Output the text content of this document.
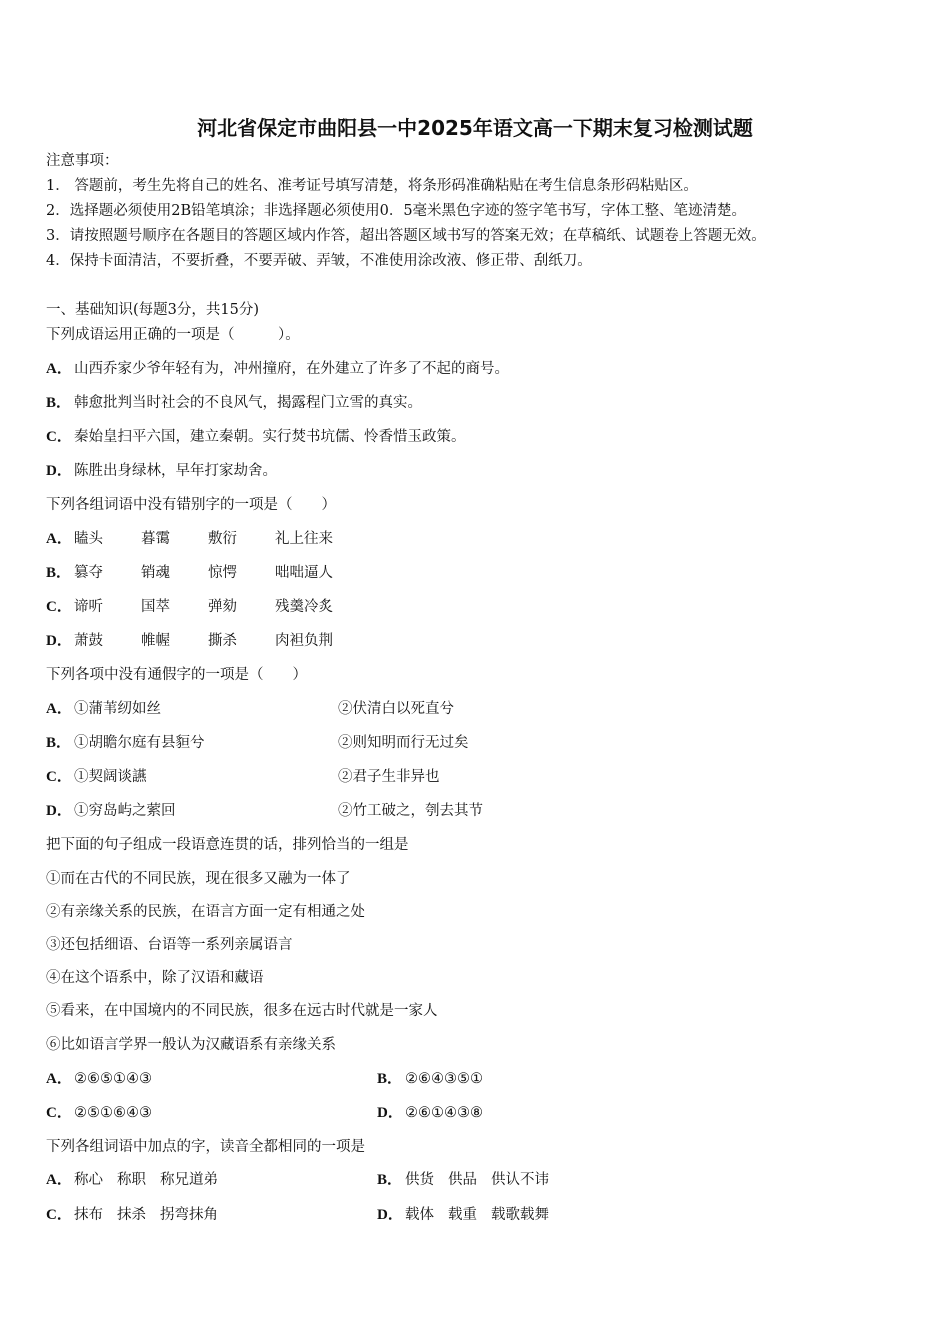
河北省保定市曲阳县一中2025年语文高一下期末复习检测试题
注意事项：
1． 答题前，考生先将自己的姓名、准考证号填写清楚，将条形码准确粘贴在考生信息条形码粘贴区。
2．选择题必须使用2B铅笔填涂；非选择题必须使用0．5毫米黑色字迹的签字笔书写，字体工整、笔迹清楚。
3．请按照题号顺序在各题目的答题区域内作答，超出答题区域书写的答案无效；在草稿纸、试题卷上答题无效。
4．保持卡面清洁，不要折叠，不要弄破、弄皱，不准使用涂改液、修正带、刮纸刀。
一、基础知识(每题3分，共15分)
下列成语运用正确的一项是（　　　）。
A． 山西乔家少爷年轻有为，冲州撞府，在外建立了许多了不起的商号。
B． 韩愈批判当时社会的不良风气，揭露程门立雪的真实。
C． 秦始皇扫平六国，建立秦朝。实行焚书坑儒、怜香惜玉政策。
D． 陈胜出身绿林，早年打家劫舍。
下列各组词语中没有错别字的一项是（　　）
A． 瞌头	暮霭	敷衍	礼上往来
B． 篡夺	销魂	惊愕	咄咄逼人
C． 谛听	国萃	弹劾	残羹冷炙
D． 萧鼓	帷幄	撕杀	肉袒负荆
下列各项中没有通假字的一项是（　　）
A． ①蒲苇纫如丝	②伏清白以死直兮
B． ①胡瞻尔庭有县貆兮	②则知明而行无过矣
C． ①契阔谈讌	②君子生非异也
D． ①穷岛屿之萦回	②竹工破之，刳去其节
把下面的句子组成一段语意连贯的话，排列恰当的一组是
①而在古代的不同民族，现在很多又融为一体了
②有亲缘关系的民族，在语言方面一定有相通之处
③还包括细语、台语等一系列亲属语言
④在这个语系中，除了汉语和藏语
⑤看来，在中国境内的不同民族，很多在远古时代就是一家人
⑥比如语言学界一般认为汉藏语系有亲缘关系
A． ②⑥⑤①④③	B． ②⑥④③⑤①
C． ②⑤①⑥④③	D． ②⑥①④③⑧
下列各组词语中加点的字，读音全都相同的一项是
A． 称心 称职 称兄道弟	B． 供货 供品 供认不讳
C． 抹布 抹杀 拐弯抹角	D． 载体 载重 载歌载舞
